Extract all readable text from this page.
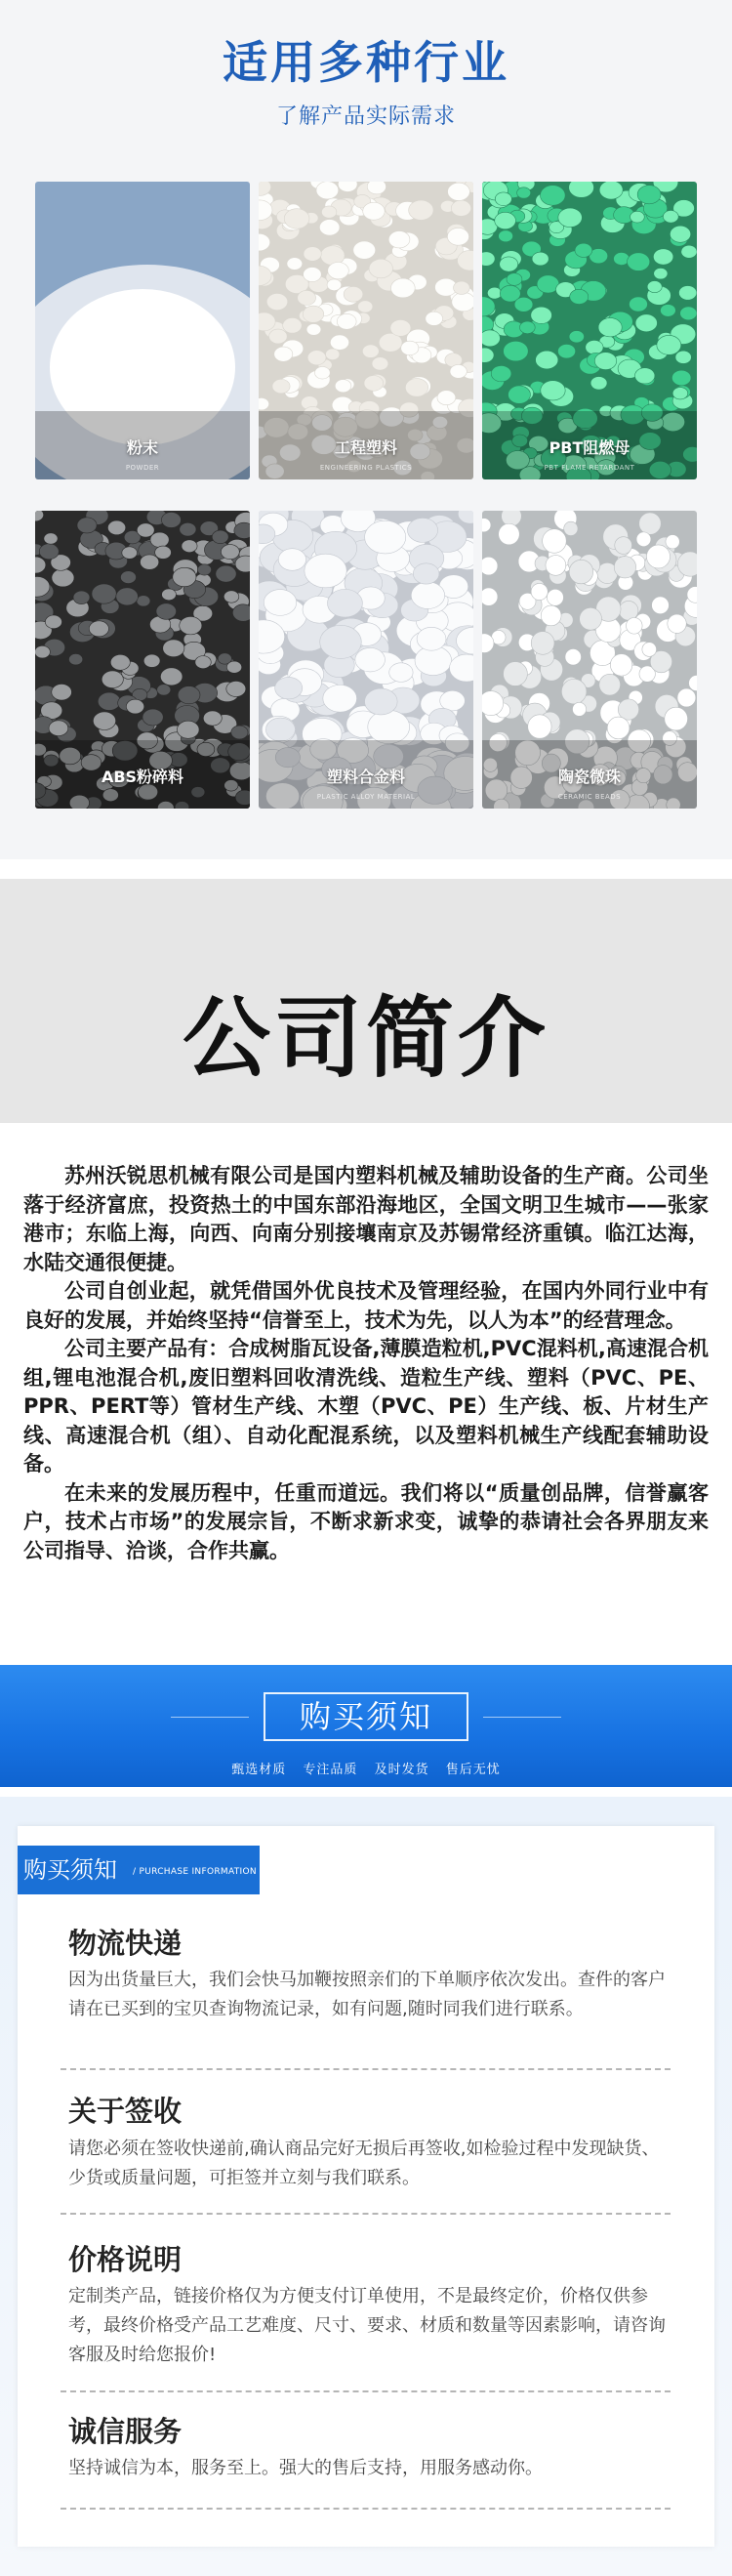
适用多种行业
了解产品实际需求
粉末
POWDER
工程塑料
ENGINEERING PLASTICS
PBT阻燃母
PBT FLAME RETARDANT
ABS粉碎料	塑料合金料
PLASTIC ALLOY MATERIAL
陶瓷微珠
CERAMIC BEADS
公司简介

苏州沃锐思机械有限公司是国内塑料机械及辅助设备的生产商。公司坐落于经济富庶，投资热土的中国东部沿海地区，全国文明卫生城市——张家港市；东临上海，向西、向南分别接壤南京及苏锡常经济重镇。临江达海，水陆交通很便捷。

公司自创业起，就凭借国外优良技术及管理经验，在国内外同行业中有良好的发展，并始终坚持“信誉至上，技术为先，以人为本”的经营理念。

公司主要产品有：合成树脂瓦设备,薄膜造粒机,PVC混料机,高速混合机组,锂电池混合机,废旧塑料回收清洗线、造粒生产线、塑料（PVC、PE、PPR、PERT等）管材生产线、木塑（PVC、PE）生产线、板、片材生产线、高速混合机（组）、自动化配混系统，以及塑料机械生产线配套辅助设备。

在未来的发展历程中，任重而道远。我们将以“质量创品牌，信誉赢客户，技术占市场”的发展宗旨，不断求新求变，诚挚的恭请社会各界朋友来公司指导、洽谈，合作共赢。

购买须知
甄选材质 专注品质 及时发货 售后无忧
购买须知 / PURCHASE INFORMATION
物流快递
因为出货量巨大，我们会快马加鞭按照亲们的下单顺序依次发出。查件的客户请在已买到的宝贝查询物流记录，如有问题,随时同我们进行联系。
关于签收
请您必须在签收快递前,确认商品完好无损后再签收,如检验过程中发现缺货、少货或质量问题，可拒签并立刻与我们联系。
价格说明
定制类产品，链接价格仅为方便支付订单使用，不是最终定价，价格仅供参考，最终价格受产品工艺难度、尺寸、要求、材质和数量等因素影响，请咨询客服及时给您报价!
诚信服务
坚持诚信为本，服务至上。强大的售后支持，用服务感动你。
